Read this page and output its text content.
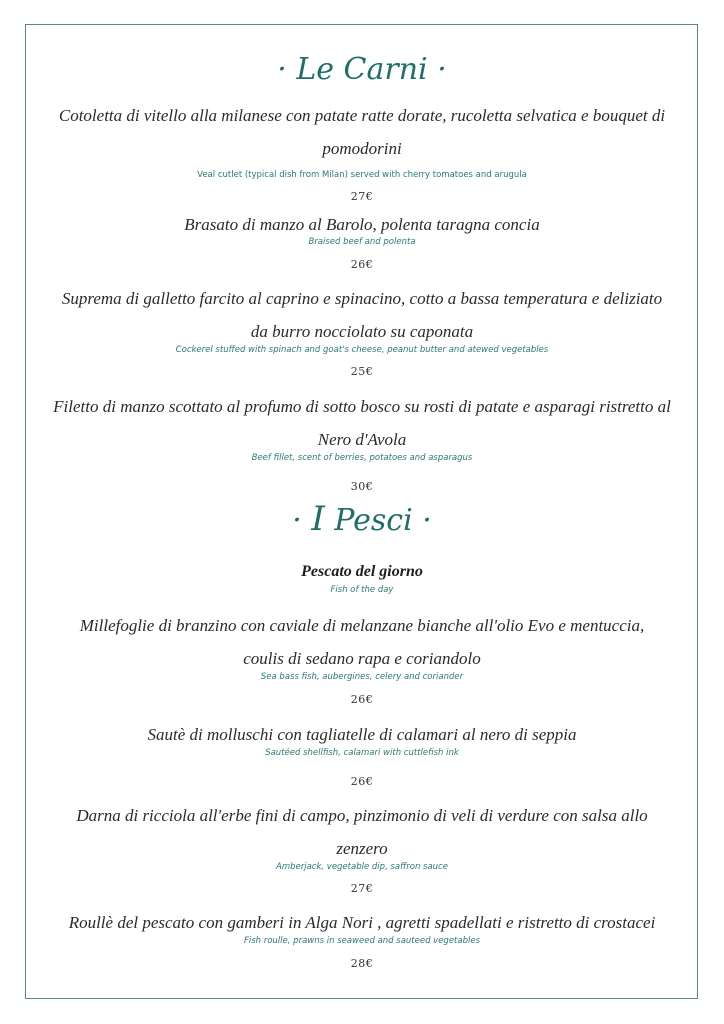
· Le Carni ·
Cotoletta di vitello alla milanese con patate ratte dorate, rucoletta selvatica e bouquet di
pomodorini
Veal cutlet (typical dish from Milan) served with cherry tomatoes and arugula
27€
Brasato di manzo al Barolo, polenta taragna concia
Braised beef and polenta
26€
Suprema di galletto farcito al caprino e spinacino, cotto a bassa temperatura e deliziato
da burro nocciolato su caponata
Cockerel stuffed with spinach and goat's cheese, peanut butter and atewed vegetables
25€
Filetto di manzo scottato al profumo di sotto bosco su rosti di patate e asparagi ristretto al
Nero d'Avola
Beef fillet, scent of berries, potatoes and asparagus
30€
· I Pesci ·
Pescato del giorno
Fish of the day
Millefoglie di branzino con caviale di melanzane bianche all'olio Evo e mentuccia,
coulis di sedano rapa e coriandolo
Sea bass fish, aubergines, celery and coriander
26€
Sautè di molluschi con tagliatelle di calamari al nero di seppia
Sautéed shellfish, calamari with cuttlefish ink
26€
Darna di ricciola all'erbe fini di campo, pinzimonio di veli di verdure con salsa allo
zenzero
Amberjack, vegetable dip, saffron sauce
27€
Roullè del pescato con gamberi in Alga Nori , agretti spadellati e ristretto di crostacei
Fish roulle, prawns in seaweed and sauteed vegetables
28€
